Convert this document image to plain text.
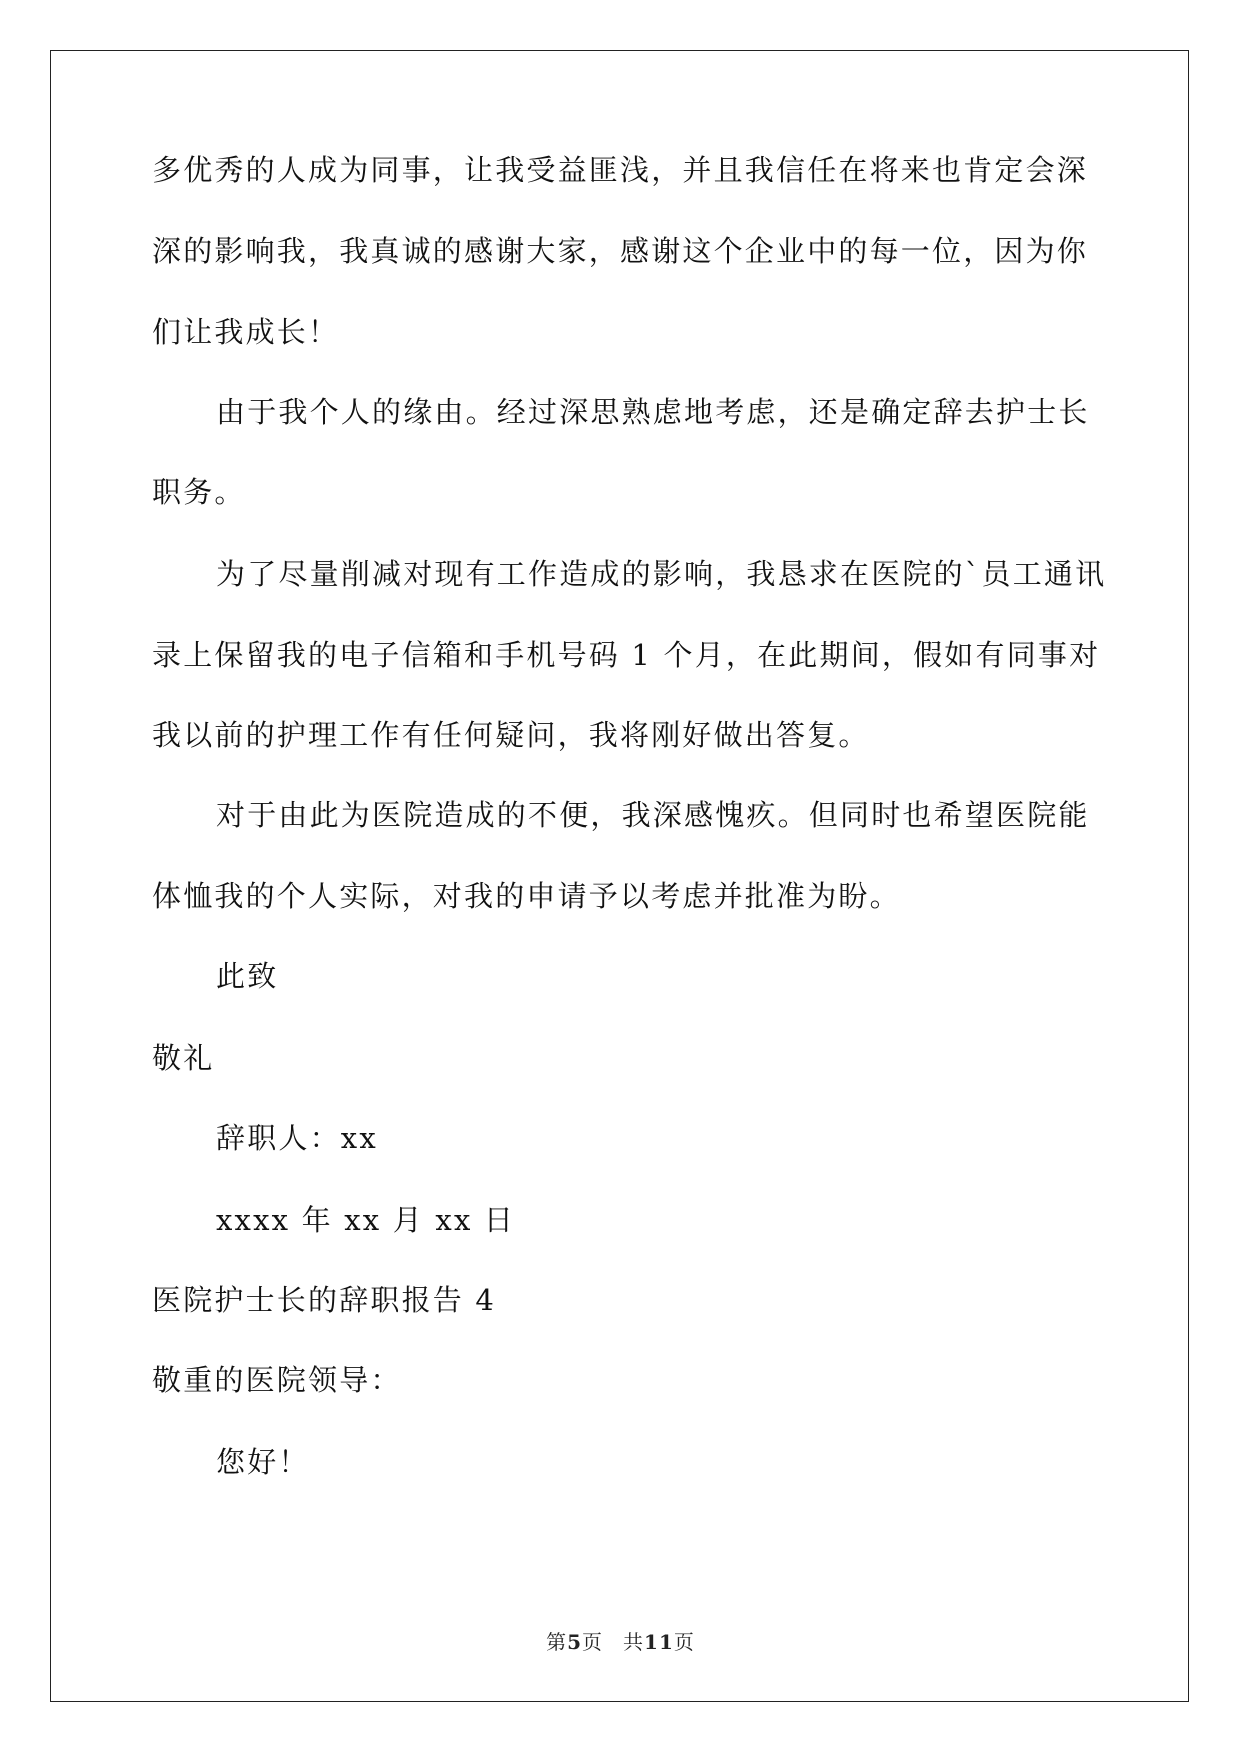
多优秀的人成为同事，让我受益匪浅，并且我信任在将来也肯定会深
深的影响我，我真诚的感谢大家，感谢这个企业中的每一位，因为你
们让我成长！
由于我个人的缘由。经过深思熟虑地考虑，还是确定辞去护士长
职务。
为了尽量削减对现有工作造成的影响，我恳求在医院的`员工通讯
录上保留我的电子信箱和手机号码 1 个月，在此期间，假如有同事对
我以前的护理工作有任何疑问，我将刚好做出答复。
对于由此为医院造成的不便，我深感愧疚。但同时也希望医院能
体恤我的个人实际，对我的申请予以考虑并批准为盼。
此致
敬礼
辞职人：xx
xxxx 年 xx 月 xx 日
医院护士长的辞职报告 4
敬重的医院领导：
您好！
第5页 共11页
